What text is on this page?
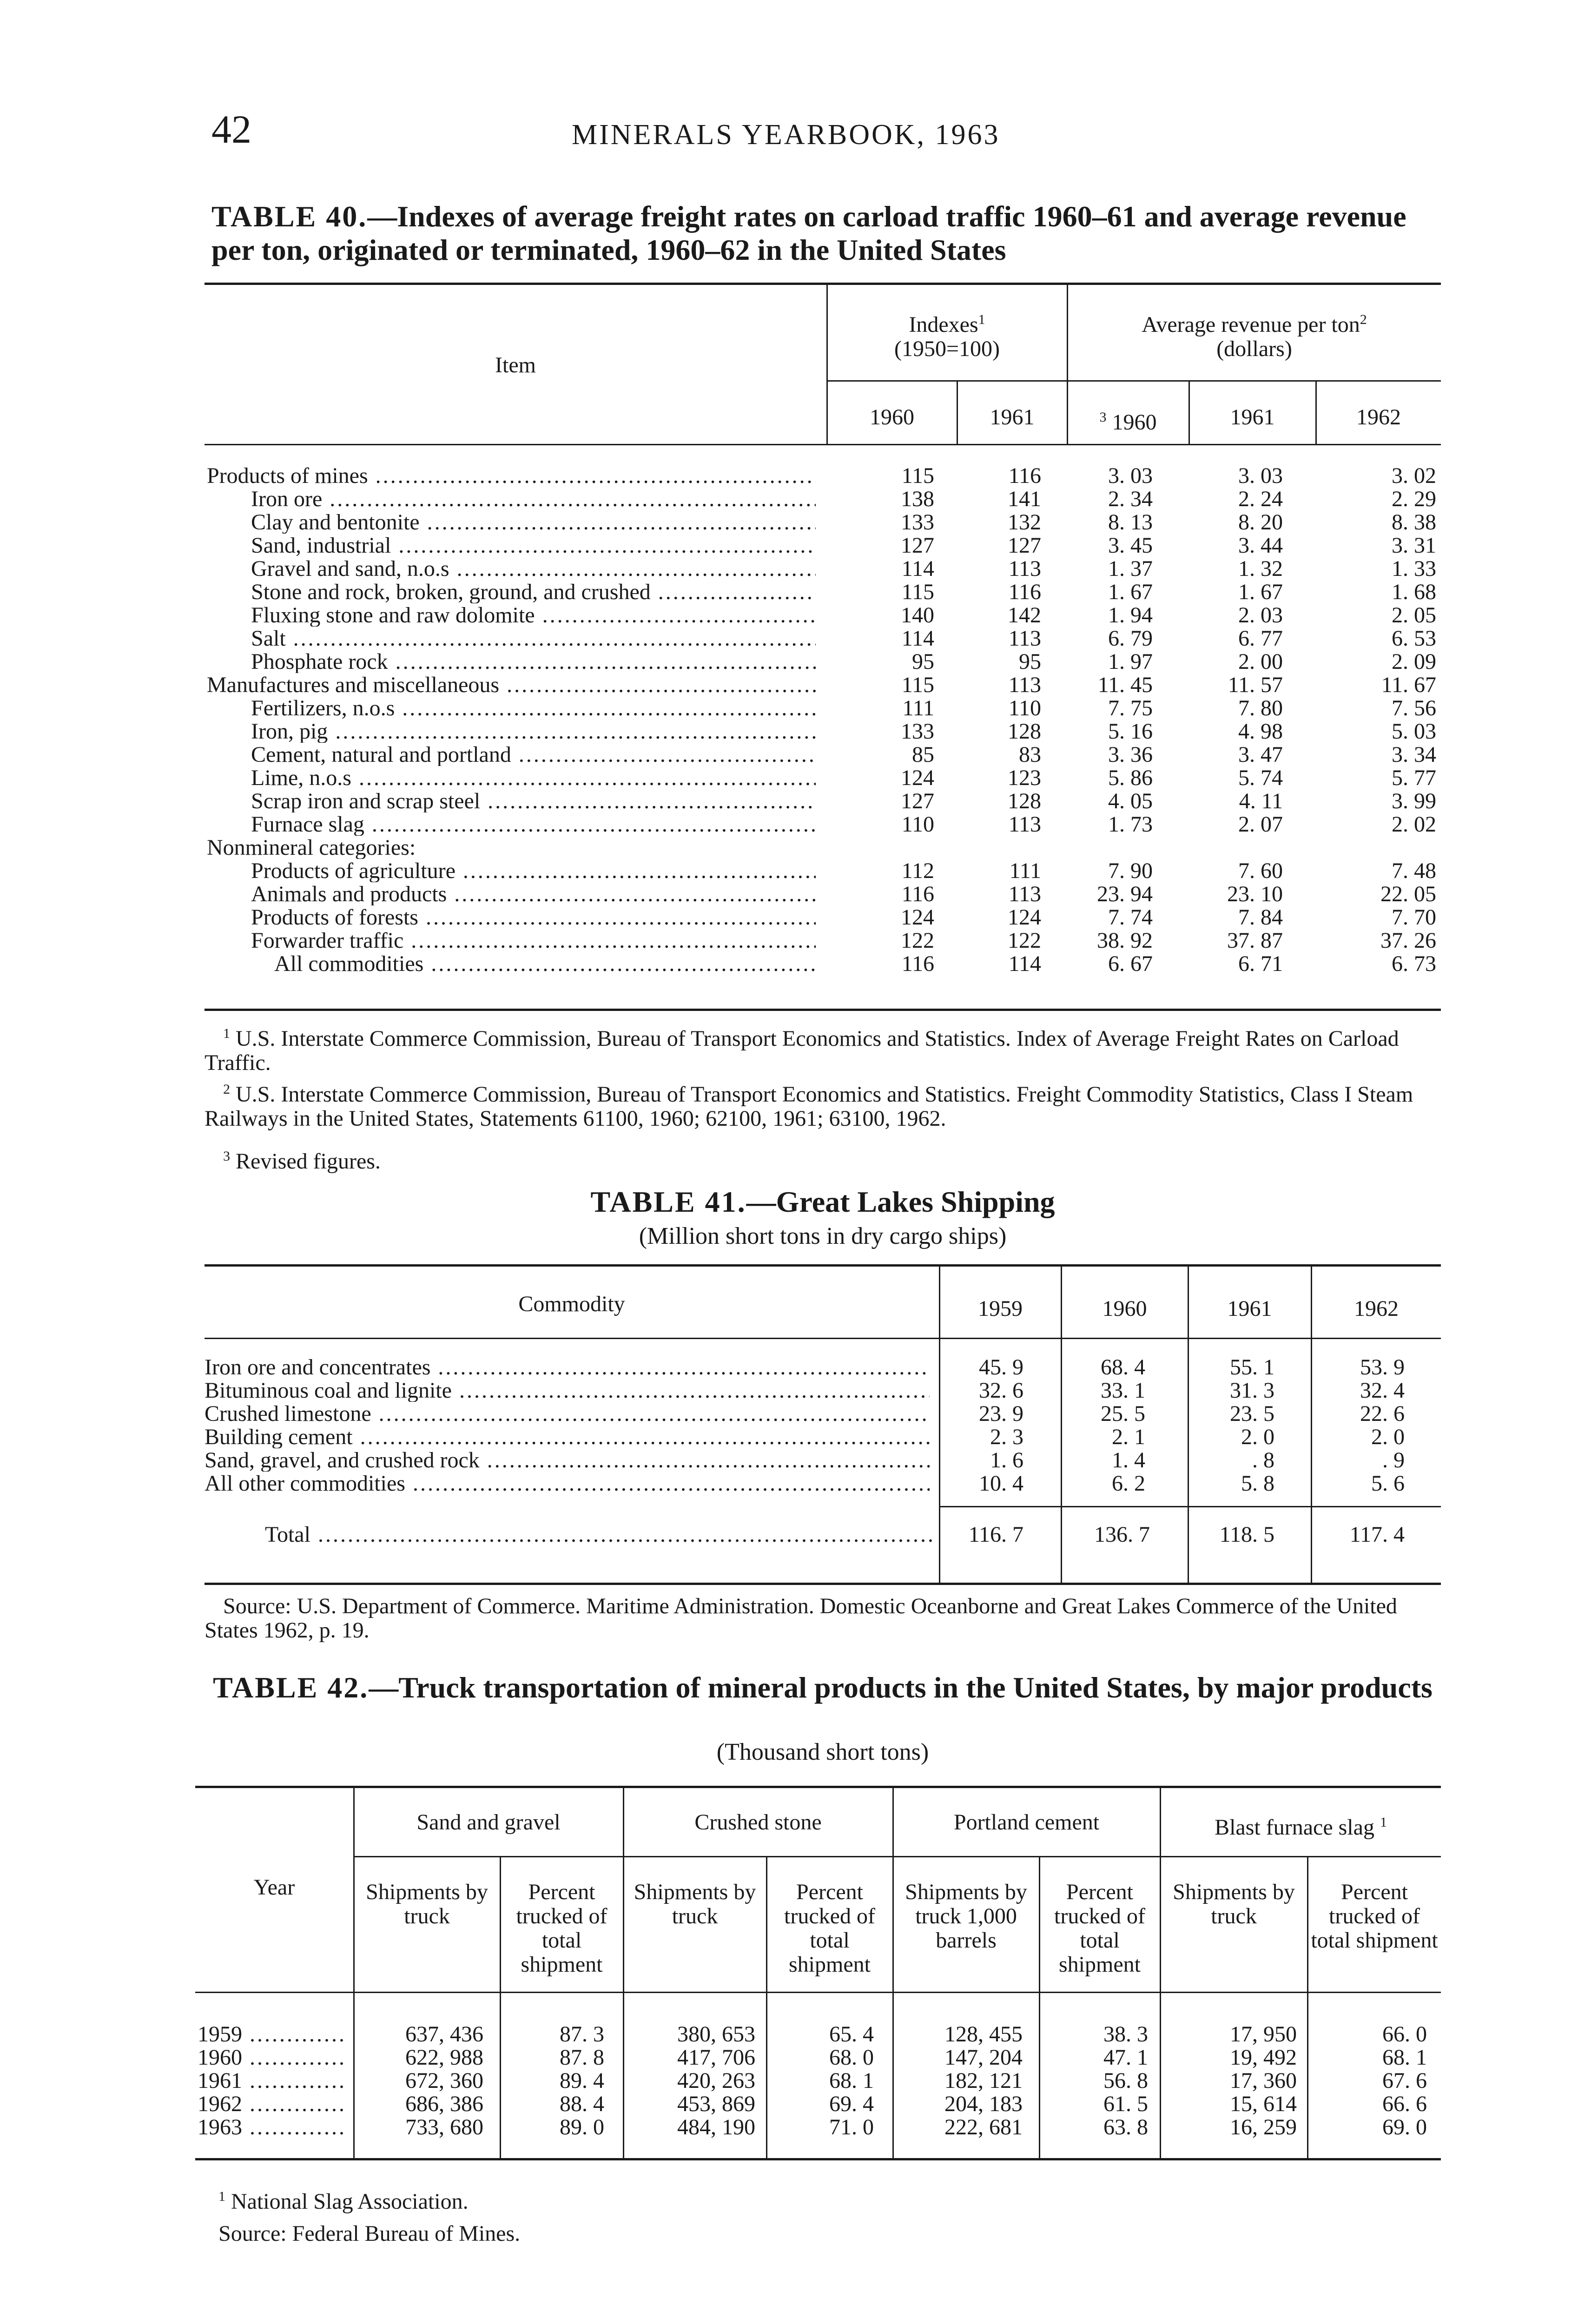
42	MINERALS YEARBOOK, 1963
TABLE 40.—Indexes of average freight rates on carload traffic 1960–61 and average revenue per ton, originated or terminated, 1960–62 in the United States
Item
Indexes$^1$
(1950=100)
Average revenue per ton$^2$
(dollars)
1960	1961	$^3$ 1960	1961	1962
Products of mines .....	115	116	3. 03	3. 03	3. 02
Iron ore .....	138	141	2. 34	2. 24	2. 29
Clay and bentonite .....	133	132	8. 13	8. 20	8. 38
Sand, industrial .....	127	127	3. 45	3. 44	3. 31
Gravel and sand, n.o.s .....	114	113	1. 37	1. 32	1. 33
Stone and rock, broken, ground, and crushed .....	115	116	1. 67	1. 67	1. 68
Fluxing stone and raw dolomite .....	140	142	1. 94	2. 03	2. 05
Salt .....	114	113	6. 79	6. 77	6. 53
Phosphate rock .....	95	95	1. 97	2. 00	2. 09
Manufactures and miscellaneous .....	115	113	11. 45	11. 57	11. 67
Fertilizers, n.o.s .....	111	110	7. 75	7. 80	7. 56
Iron, pig .....	133	128	5. 16	4. 98	5. 03
Cement, natural and portland .....	85	83	3. 36	3. 47	3. 34
Lime, n.o.s .....	124	123	5. 86	5. 74	5. 77
Scrap iron and scrap steel .....	127	128	4. 05	4. 11	3. 99
Furnace slag .....	110	113	1. 73	2. 07	2. 02
Nonmineral categories:
Products of agriculture .....	112	111	7. 90	7. 60	7. 48
Animals and products .....	116	113	23. 94	23. 10	22. 05
Products of forests .....	124	124	7. 74	7. 84	7. 70
Forwarder traffic .....	122	122	38. 92	37. 87	37. 26
All commodities .....	116	114	6. 67	6. 71	6. 73
$^1$ U.S. Interstate Commerce Commission, Bureau of Transport Economics and Statistics. Index of Average Freight Rates on Carload Traffic.
$^2$ U.S. Interstate Commerce Commission, Bureau of Transport Economics and Statistics. Freight Commodity Statistics, Class I Steam Railways in the United States, Statements 61100, 1960; 62100, 1961; 63100, 1962.
$^3$ Revised figures.
TABLE 41.—Great Lakes Shipping
(Million short tons in dry cargo ships)
Commodity	1959	1960	1961	1962
Iron ore and concentrates .....	45. 9	68. 4	55. 1	53. 9
Bituminous coal and lignite .....	32. 6	33. 1	31. 3	32. 4
Crushed limestone .....	23. 9	25. 5	23. 5	22. 6
Building cement .....	2. 3	2. 1	2. 0	2. 0
Sand, gravel, and crushed rock .....	1. 6	1. 4	. 8	. 9
All other commodities .....	10. 4	6. 2	5. 8	5. 6
Total .....	116. 7	136. 7	118. 5	117. 4
Source: U.S. Department of Commerce. Maritime Administration. Domestic Oceanborne and Great Lakes Commerce of the United States 1962, p. 19.
TABLE 42.—Truck transportation of mineral products in the United States, by major products
(Thousand short tons)
Year
Sand and gravel	Crushed stone	Portland cement	Blast furnace slag $^1$
Shipments by truck
Percent trucked of total shipment
Shipments by truck
Percent trucked of total shipment
Shipments by truck 1,000 barrels
Percent trucked of total shipment
Shipments by truck
Percent trucked of total shipment
1959 .....	637, 436	87. 3	380, 653	65. 4	128, 455	38. 3	17, 950	66. 0
1960 .....	622, 988	87. 8	417, 706	68. 0	147, 204	47. 1	19, 492	68. 1
1961 .....	672, 360	89. 4	420, 263	68. 1	182, 121	56. 8	17, 360	67. 6
1962 .....	686, 386	88. 4	453, 869	69. 4	204, 183	61. 5	15, 614	66. 6
1963 .....	733, 680	89. 0	484, 190	71. 0	222, 681	63. 8	16, 259	69. 0
$^1$ National Slag Association.
Source: Federal Bureau of Mines.
